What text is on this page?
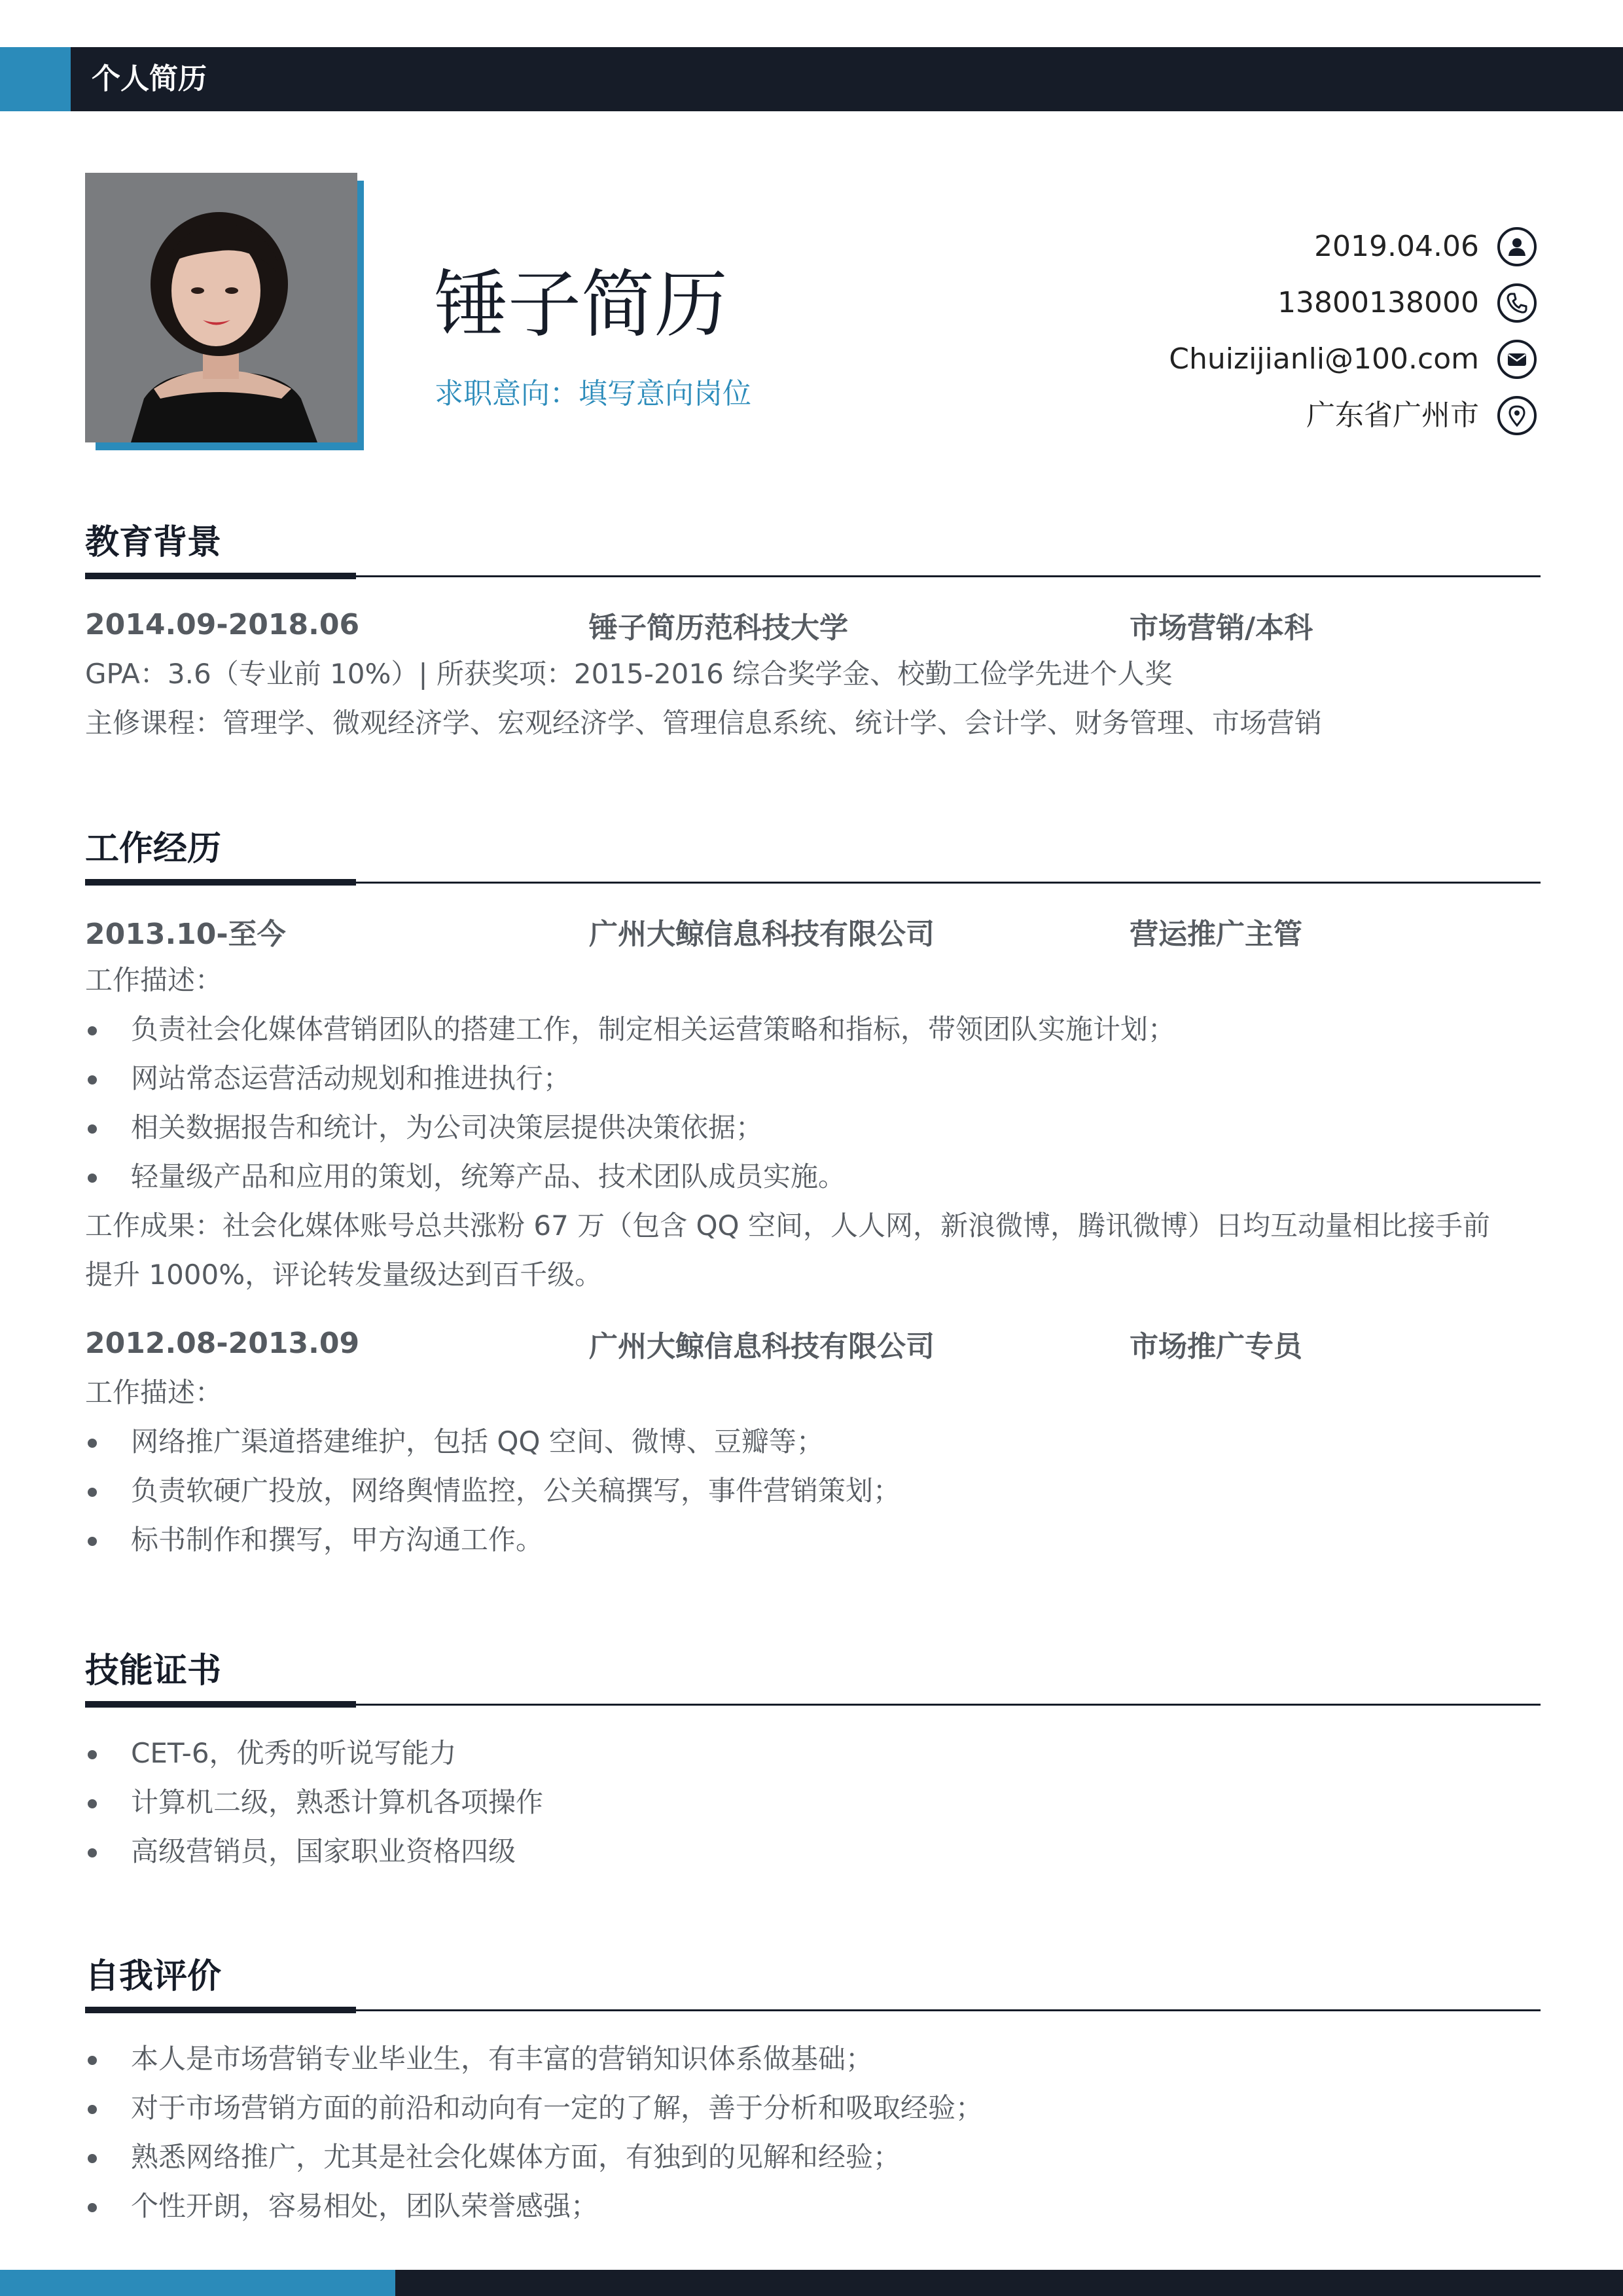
个人简历
锤子简历
求职意向：填写意向岗位
2019.04.06
13800138000
Chuizijianli@100.com
广东省广州市
教育背景
2014.09-2018.06	锤子简历范科技大学	市场营销/本科
GPA：3.6（专业前 10%）| 所获奖项：2015-2016 综合奖学金、校勤工俭学先进个人奖
主修课程：管理学、微观经济学、宏观经济学、管理信息系统、统计学、会计学、财务管理、市场营销
工作经历
2013.10-至今	广州大鲸信息科技有限公司	营运推广主管
工作描述：
负责社会化媒体营销团队的搭建工作，制定相关运营策略和指标，带领团队实施计划；
网站常态运营活动规划和推进执行；
相关数据报告和统计，为公司决策层提供决策依据；
轻量级产品和应用的策划，统筹产品、技术团队成员实施。
工作成果：社会化媒体账号总共涨粉 67 万（包含 QQ 空间，人人网，新浪微博，腾讯微博）日均互动量相比接手前
提升 1000%，评论转发量级达到百千级。
2012.08-2013.09	广州大鲸信息科技有限公司	市场推广专员
工作描述：
网络推广渠道搭建维护，包括 QQ 空间、微博、豆瓣等；
负责软硬广投放，网络舆情监控，公关稿撰写，事件营销策划；
标书制作和撰写，甲方沟通工作。
技能证书
CET-6，优秀的听说写能力
计算机二级，熟悉计算机各项操作
高级营销员，国家职业资格四级
自我评价
本人是市场营销专业毕业生，有丰富的营销知识体系做基础；
对于市场营销方面的前沿和动向有一定的了解，善于分析和吸取经验；
熟悉网络推广，尤其是社会化媒体方面，有独到的见解和经验；
个性开朗，容易相处，团队荣誉感强；
